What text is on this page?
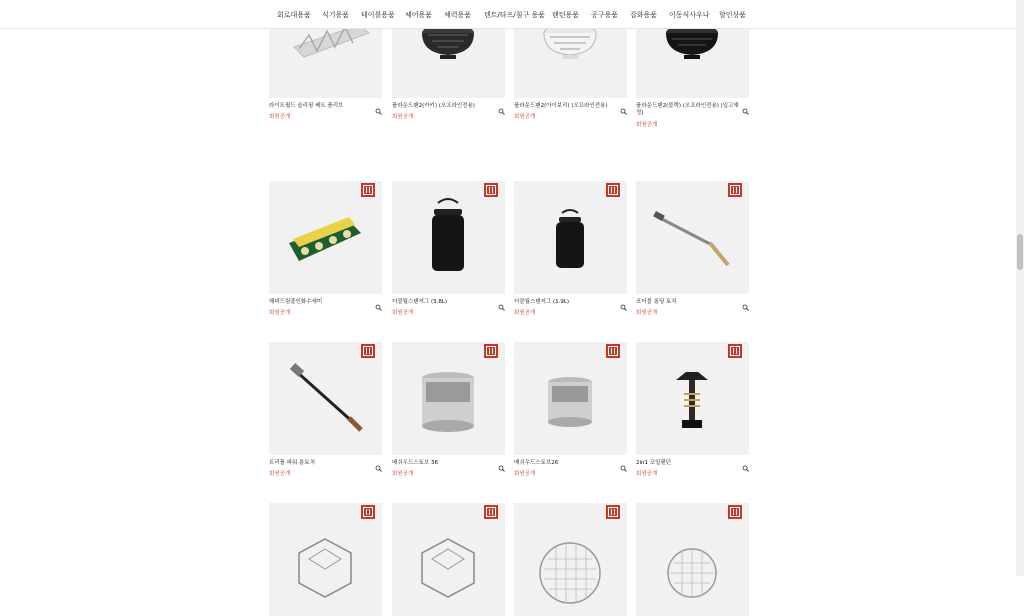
회로대용품 식기용품 테이블용품 체어용품 체력용품 텐트/타프/침구 용품 랜턴용품 공구용품 잡화용품 이동식사우나 할인상품
라이트윌드 슬리핑 쎄트 플리브
회원공개
플라운드팬2(카키) (오프라인전용)
회원공개
플라운드팬2(아이보리) (오프라인전용)
회원공개
플라운드팬2(블랙) (오프라인전용) (입고예정)
회원공개
헤피드림줄인화수세미
회원공개
더블월스탠저그 (3.8L)
회원공개
더블월스탠저그 (1.9L)
회원공개
포터블 롱딩 토치
회원공개
트리플 파워 롱토치
회원공개
메쉬우드스토브 36
회원공개
메쉬우드스토브26
회원공개
2in1 코일랜턴
회원공개
